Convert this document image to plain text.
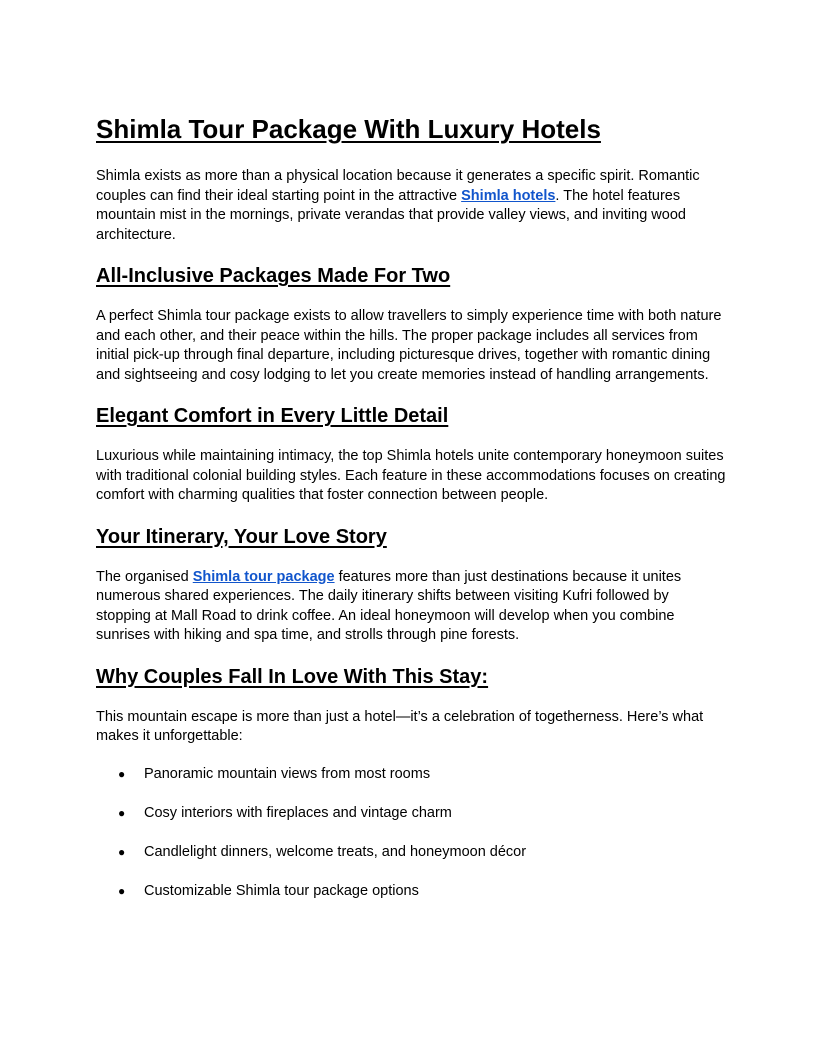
Shimla Tour Package With Luxury Hotels

Shimla exists as more than a physical location because it generates a specific spirit. Romantic couples can find their ideal starting point in the attractive Shimla hotels. The hotel features mountain mist in the mornings, private verandas that provide valley views, and inviting wood architecture.

All-Inclusive Packages Made For Two

A perfect Shimla tour package exists to allow travellers to simply experience time with both nature and each other, and their peace within the hills. The proper package includes all services from initial pick-up through final departure, including picturesque drives, together with romantic dining and sightseeing and cosy lodging to let you create memories instead of handling arrangements.

Elegant Comfort in Every Little Detail

Luxurious while maintaining intimacy, the top Shimla hotels unite contemporary honeymoon suites with traditional colonial building styles. Each feature in these accommodations focuses on creating comfort with charming qualities that foster connection between people.

Your Itinerary, Your Love Story

The organised Shimla tour package features more than just destinations because it unites numerous shared experiences. The daily itinerary shifts between visiting Kufri followed by stopping at Mall Road to drink coffee. An ideal honeymoon will develop when you combine sunrises with hiking and spa time, and strolls through pine forests.

Why Couples Fall In Love With This Stay:

This mountain escape is more than just a hotel—it’s a celebration of togetherness. Here’s what makes it unforgettable:

● Panoramic mountain views from most rooms
● Cosy interiors with fireplaces and vintage charm
● Candlelight dinners, welcome treats, and honeymoon décor
● Customizable Shimla tour package options
